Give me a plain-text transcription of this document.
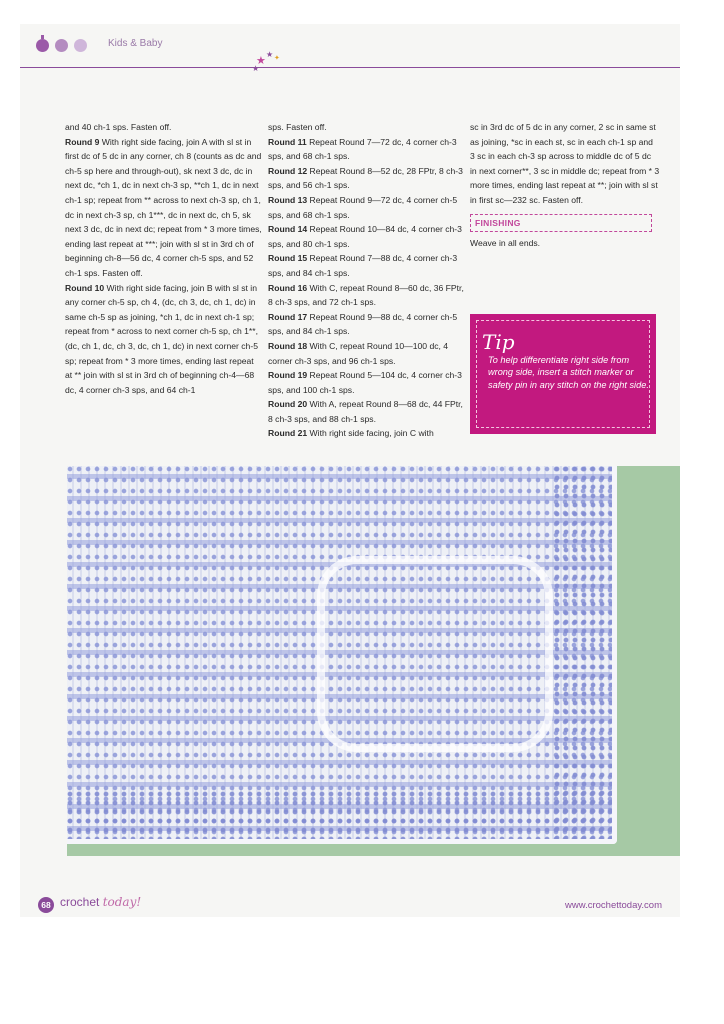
Kids & Baby
★
★
★
✦

and 40 ch-1 sps. Fasten off.

Round 9 With right side facing, join A with sl st in first dc of 5 dc in any corner, ch 8 (counts as dc and ch-5 sp here and through-out), sk next 3 dc, dc in next dc, *ch 1, dc in next ch-3 sp, **ch 1, dc in next ch-1 sp; repeat from ** across to next ch-3 sp, ch 1, dc in next ch-3 sp, ch 1***, dc in next dc, ch 5, sk next 3 dc, dc in next dc; repeat from * 3 more times, ending last repeat at ***; join with sl st in 3rd ch of beginning ch-8—56 dc, 4 corner ch-5 sps, and 52 ch-1 sps. Fasten off.

Round 10 With right side facing, join B with sl st in any corner ch-5 sp, ch 4, (dc, ch 3, dc, ch 1, dc) in same ch-5 sp as joining, *ch 1, dc in next ch-1 sp; repeat from * across to next corner ch-5 sp, ch 1**, (dc, ch 1, dc, ch 3, dc, ch 1, dc) in next corner ch-5 sp; repeat from * 3 more times, ending last repeat at ** join with sl st in 3rd ch of beginning ch-4—68 dc, 4 corner ch-3 sps, and 64 ch-1

sps. Fasten off.

Round 11 Repeat Round 7—72 dc, 4 corner ch-3 sps, and 68 ch-1 sps.

Round 12 Repeat Round 8—52 dc, 28 FPtr, 8 ch-3 sps, and 56 ch-1 sps.

Round 13 Repeat Round 9—72 dc, 4 corner ch-5 sps, and 68 ch-1 sps.

Round 14 Repeat Round 10—84 dc, 4 corner ch-3 sps, and 80 ch-1 sps.

Round 15 Repeat Round 7—88 dc, 4 corner ch-3 sps, and 84 ch-1 sps.

Round 16 With C, repeat Round 8—60 dc, 36 FPtr, 8 ch-3 sps, and 72 ch-1 sps.

Round 17 Repeat Round 9—88 dc, 4 corner ch-5 sps, and 84 ch-1 sps.

Round 18 With C, repeat Round 10—100 dc, 4 corner ch-3 sps, and 96 ch-1 sps.

Round 19 Repeat Round 5—104 dc, 4 corner ch-3 sps, and 100 ch-1 sps.

Round 20 With A, repeat Round 8—68 dc, 44 FPtr, 8 ch-3 sps, and 88 ch-1 sps.

Round 21 With right side facing, join C with

sc in 3rd dc of 5 dc in any corner, 2 sc in same st as joining, *sc in each st, sc in each ch-1 sp and 3 sc in each ch-3 sp across to middle dc of 5 dc in next corner**, 3 sc in middle dc; repeat from * 3 more times, ending last repeat at **; join with sl st in first sc—232 sc. Fasten off.

FINISHING

Weave in all ends.

Tip
To help differentiate right side from wrong side, insert a stitch marker or safety pin in any stitch on the right side.
68 crochet today!	www.crochettoday.com
